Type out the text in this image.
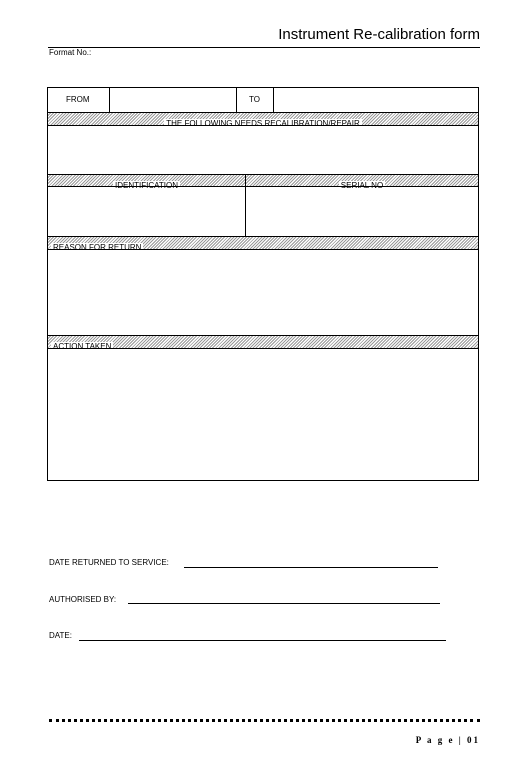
Instrument Re-calibration form
Format No.:
FROM	TO
THE FOLLOWING NEEDS RECALIBRATION/REPAIR
IDENTIFICATION	SERIAL NO
REASON FOR RETURN
ACTION TAKEN
DATE RETURNED TO SERVICE:
AUTHORISED BY:
DATE:
P a g e | 01
